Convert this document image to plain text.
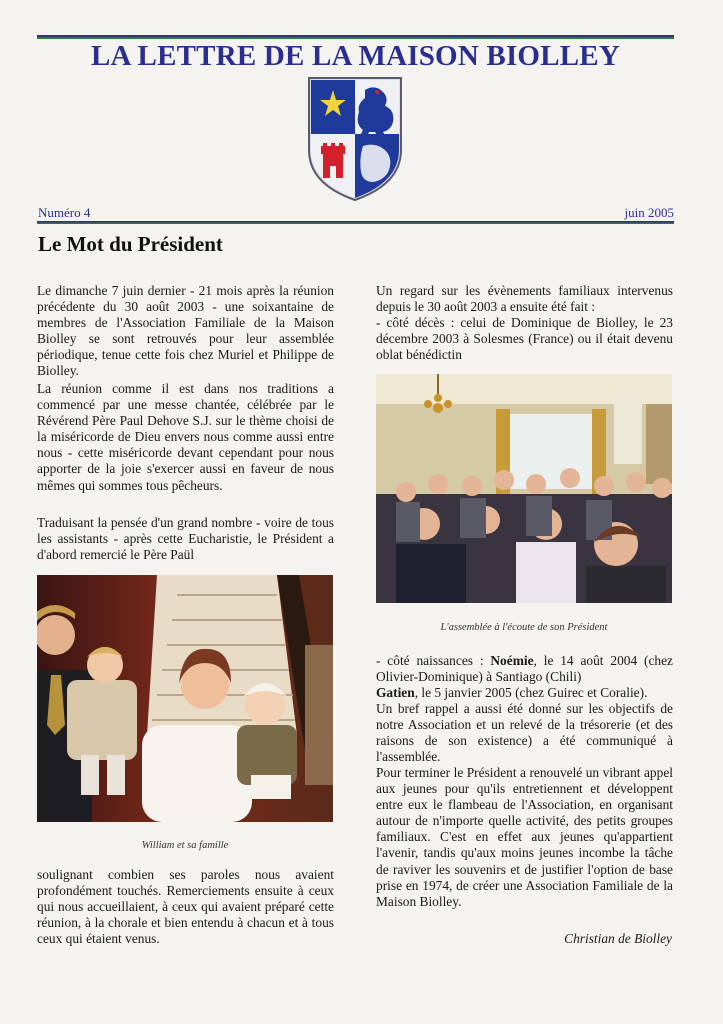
LA LETTRE DE LA MAISON BIOLLEY
Numéro 4	juin 2005
Le Mot du Président

Le dimanche 7 juin dernier - 21 mois après la réunion précédente du 30 août 2003 - une soixantaine de membres de l'Association Familiale de la Maison Biolley se sont retrouvés pour leur assemblée périodique, tenue cette fois chez Muriel et Philippe de Biolley.

La réunion comme il est dans nos traditions a commencé par une messe chantée, célébrée par le Révérend Père Paul Dehove S.J. sur le thème choisi de la miséricorde de Dieu envers nous comme aussi entre nous - cette miséricorde devant cependant pour nous apporter de la joie s'exercer aussi en faveur de nous mêmes qui sommes tous pêcheurs.

Traduisant la pensée d'un grand nombre - voire de tous les assistants - après cette Eucharistie, le Président a d'abord remercié le Père Paül

William et sa famille

soulignant combien ses paroles nous avaient profondément touchés. Remerciements ensuite à ceux qui nous accueillaient, à ceux qui avaient préparé cette réunion, à la chorale et bien entendu à chacun et à tous ceux qui étaient venus.

Un regard sur les évènements familiaux intervenus depuis le 30 août 2003 a ensuite été fait :

- côté décès : celui de Dominique de Biolley, le 23 décembre 2003 à Solesmes (France) ou il était devenu oblat bénédictin

L'assemblée à l'écoute de son Président

- côté naissances : Noémie, le 14 août 2004 (chez Olivier-Dominique) à Santiago (Chili)
Gatien, le 5 janvier 2005 (chez Guirec et Coralie).

Un bref rappel a aussi été donné sur les objectifs de notre Association et un relevé de la trésorerie (et des raisons de son existence) a été communiqué à l'assemblée.

Pour terminer le Président a renouvelé un vibrant appel aux jeunes pour qu'ils entretiennent et développent entre eux le flambeau de l'Association, en organisant autour de n'importe quelle activité, des petits groupes familiaux. C'est en effet aux jeunes qu'appartient l'avenir, tandis qu'aux moins jeunes incombe la tâche de raviver les souvenirs et de justifier l'option de base prise en 1974, de créer une Association Familiale de la Maison Biolley.

Christian de Biolley
